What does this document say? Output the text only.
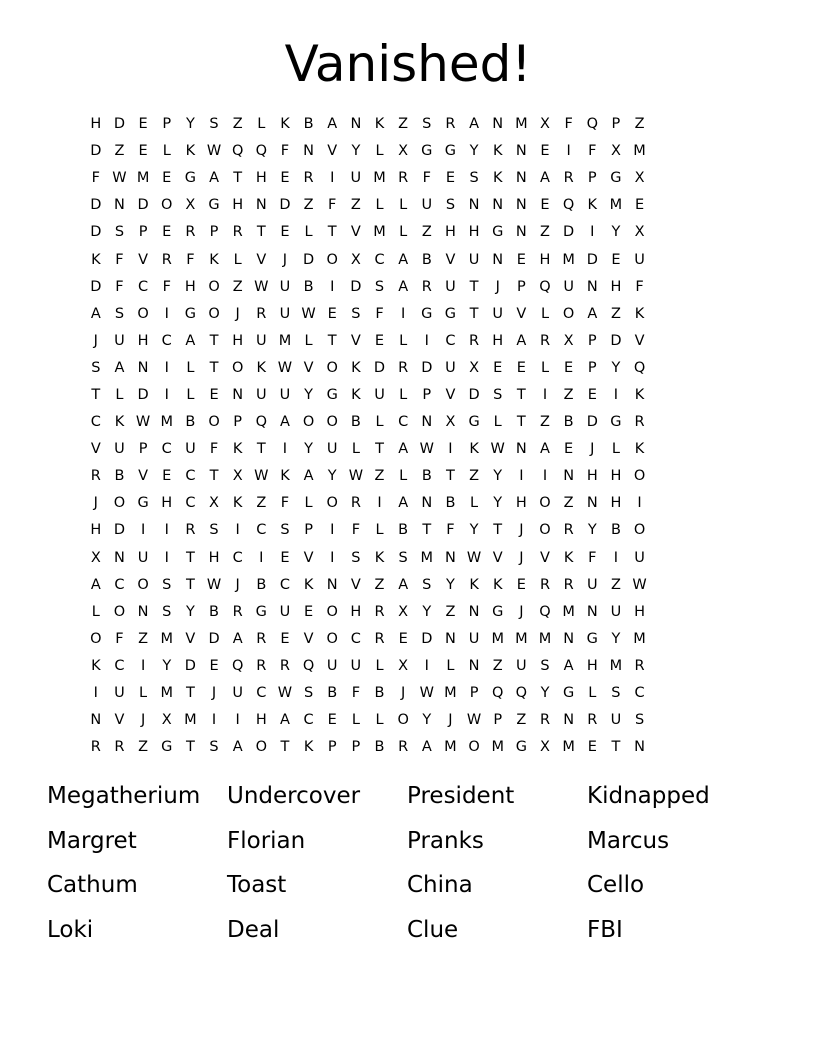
Vanished!
H D E	P	Y	S Z	L	K B A N K Z S R A N M X	F Q P Z
D Z E	L	K W Q Q F N V Y	L	X G G Y K N E	I	F	X M
F W M E G A T H E R	I	U M R F	E S K N A R P G X
D N D O X G H N D Z	F	Z	L	L U S N N N E Q K M E
D S	P	E R P R T	E	L	T V M L	Z H H G N Z D	I	Y X
K	F	V R F	K	L	V	J	D O X C A B V U N E H M D E U
D F C F H O Z W U B	I	D S A R U T	J	P Q U N H F
A S O	I	G O	J	R U W E S	F	I	G G T U V	L O A Z K
J	U H C A T H U M L	T V E	L	I	C R H A R X P D V
S A N	I	L	T O K W V O K D R D U X E E	L	E	P	Y Q
T	L D	I	L	E N U U Y G K U L	P V D S	T	I	Z E	I	K
C K W M B O P Q A O O B	L	C N X G L	T Z B D G R
V U P C U F	K T	I	Y U L	T A W I	K W N A E	J	L	K
R B V E C T X W K A Y W Z	L	B T Z Y	I	I	N H H O
J	O G H C X K Z	F	L O R	I	A N B	L	Y H O Z N H	I
H D	I	I	R S	I	C S	P	I	F	L	B T	F	Y	T	J	O R Y B O
X N U	I	T H C	I	E V	I	S K S M N W V	J	V K	F	I	U
A C O S	T W J	B C K N V Z A S	Y K K E R R U Z W
L O N S	Y B R G U E O H R X Y Z N G	J	Q M N U H
O F	Z M V D A R E V O C R E D N U M M M N G Y M
K C	I	Y D E Q R R Q U U L	X	I	L N Z U S A H M R
I	U L M T	J	U C W S B F	B	J W M P Q Q Y G L	S C
N V	J	X M	I	I	H A C E	L	L O Y	J W P Z R N R U S
R R Z G T	S A O T K	P	P B R A M O M G X M E	T N
Megatherium	Undercover	President	Kidnapped
Margret	Florian	Pranks	Marcus
Cathum	Toast	China	Cello
Loki	Deal	Clue	FBI
